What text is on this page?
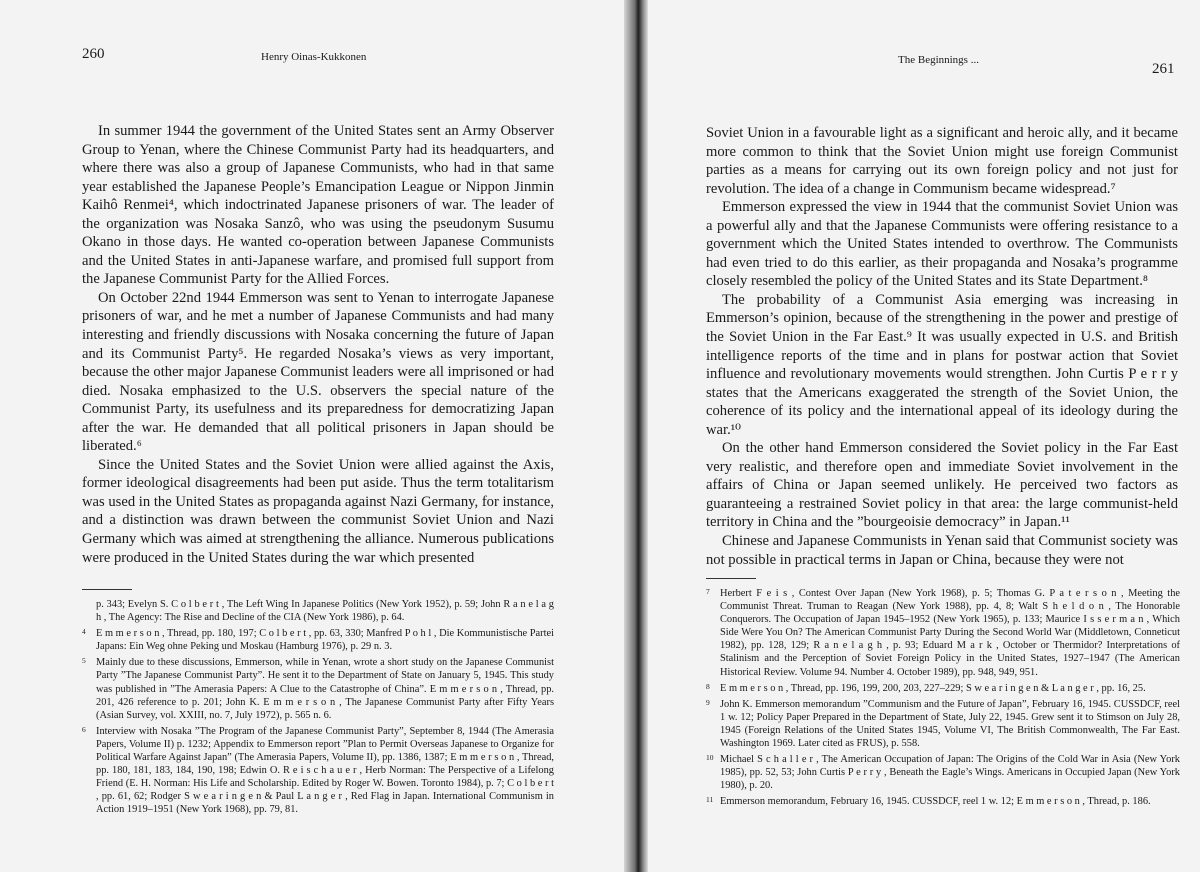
260	Henry Oinas-Kukkonen

In summer 1944 the government of the United States sent an Army Observer Group to Yenan, where the Chinese Communist Party had its headquarters, and where there was also a group of Japanese Communists, who had in that same year established the Japanese People’s Emancipation League or Nippon Jinmin Kaihô Renmei⁴, which indoctrinated Japanese prisoners of war. The leader of the organization was Nosaka Sanzô, who was using the pseudonym Susumu Okano in those days. He wanted co-operation between Japanese Communists and the United States in anti-Japanese warfare, and promised full support from the Japanese Communist Party for the Allied Forces.

On October 22nd 1944 Emmerson was sent to Yenan to interrogate Japanese prisoners of war, and he met a number of Japanese Communists and had many interesting and friendly discussions with Nosaka concerning the future of Japan and its Communist Party⁵. He regarded Nosaka’s views as very important, because the other major Japanese Communist leaders were all imprisoned or had died. Nosaka emphasized to the U.S. observers the special nature of the Communist Party, its usefulness and its preparedness for democratizing Japan after the war. He demanded that all political prisoners in Japan should be liberated.⁶

Since the United States and the Soviet Union were allied against the Axis, former ideological disagreements had been put aside. Thus the term totalitarism was used in the United States as propaganda against Nazi Germany, for instance, and a distinction was drawn between the communist Soviet Union and Nazi Germany which was aimed at strengthening the alliance. Numerous publications were produced in the United States during the war which presented

p. 343; Evelyn S. C o l b e r t , The Left Wing In Japanese Politics (New York 1952), p. 59; John R a n e l a g h , The Agency: The Rise and Decline of the CIA (New York 1986), p. 64.
4 E m m e r s o n , Thread, pp. 180, 197; C o l b e r t , pp. 63, 330; Manfred P o h l , Die Kommunistische Partei Japans: Ein Weg ohne Peking und Moskau (Hamburg 1976), p. 29 n. 3.
5 Mainly due to these discussions, Emmerson, while in Yenan, wrote a short study on the Japanese Communist Party ”The Japanese Communist Party”. He sent it to the Department of State on January 5, 1945. This study was published in ”The Amerasia Papers: A Clue to the Catastrophe of China”. E m m e r s o n , Thread, pp. 201, 426 reference to p. 201; John K. E m m e r s o n , The Japanese Communist Party after Fifty Years (Asian Survey, vol. XXIII, no. 7, July 1972), p. 565 n. 6.
6 Interview with Nosaka ”The Program of the Japanese Communist Party”, September 8, 1944 (The Amerasia Papers, Volume II) p. 1232; Appendix to Emmerson report ”Plan to Permit Overseas Japanese to Organize for Political Warfare Against Japan” (The Amerasia Papers, Volume II), pp. 1386, 1387; E m m e r s o n , Thread, pp. 180, 181, 183, 184, 190, 198; Edwin O. R e i s c h a u e r , Herb Norman: The Perspective of a Lifelong Friend (E. H. Norman: His Life and Scholarship. Edited by Roger W. Bowen. Toronto 1984), p. 7; C o l b e r t , pp. 61, 62; Rodger S w e a r i n g e n & Paul L a n g e r , Red Flag in Japan. International Communism in Action 1919–1951 (New York 1968), pp. 79, 81.
The Beginnings ...
261

Soviet Union in a favourable light as a significant and heroic ally, and it became more common to think that the Soviet Union might use foreign Communist parties as a means for carrying out its own foreign policy and not just for revolution. The idea of a change in Communism became widespread.⁷

Emmerson expressed the view in 1944 that the communist Soviet Union was a powerful ally and that the Japanese Communists were offering resistance to a government which the United States intended to overthrow. The Communists had even tried to do this earlier, as their propaganda and Nosaka’s programme closely resembled the policy of the United States and its State Department.⁸

The probability of a Communist Asia emerging was increasing in Emmerson’s opinion, because of the strengthening in the power and prestige of the Soviet Union in the Far East.⁹ It was usually expected in U.S. and British intelligence reports of the time and in plans for postwar action that Soviet influence and revolutionary movements would strengthen. John Curtis P e r r y states that the Americans exaggerated the strength of the Soviet Union, the coherence of its policy and the international appeal of its ideology during the war.¹⁰

On the other hand Emmerson considered the Soviet policy in the Far East very realistic, and therefore open and immediate Soviet involvement in the affairs of China or Japan seemed unlikely. He perceived two factors as guaranteeing a restrained Soviet policy in that area: the large communist-held territory in China and the ”bourgeoisie democracy” in Japan.¹¹

Chinese and Japanese Communists in Yenan said that Communist society was not possible in practical terms in Japan or China, because they were not

7 Herbert F e i s , Contest Over Japan (New York 1968), p. 5; Thomas G. P a t e r s o n , Meeting the Communist Threat. Truman to Reagan (New York 1988), pp. 4, 8; Walt S h e l d o n , The Honorable Conquerors. The Occupation of Japan 1945–1952 (New York 1965), p. 133; Maurice I s s e r m a n , Which Side Were You On? The American Communist Party During the Second World War (Middletown, Conneticut 1982), pp. 128, 129; R a n e l a g h , p. 93; Eduard M a r k , October or Thermidor? Interpretations of Stalinism and the Perception of Soviet Foreign Policy in the United States, 1927–1947 (The American Historical Review. Volume 94. Number 4. October 1989), pp. 948, 949, 951.
8 E m m e r s o n , Thread, pp. 196, 199, 200, 203, 227–229; S w e a r i n g e n & L a n g e r , pp. 16, 25.
9 John K. Emmerson memorandum ”Communism and the Future of Japan”, February 16, 1945. CUSSDCF, reel 1 w. 12; Policy Paper Prepared in the Department of State, July 22, 1945. Grew sent it to Stimson on July 28, 1945 (Foreign Relations of the United States 1945, Volume VI, The British Commonwealth, The Far East. Washington 1969. Later cited as FRUS), p. 558.
10 Michael S c h a l l e r , The American Occupation of Japan: The Origins of the Cold War in Asia (New York 1985), pp. 52, 53; John Curtis P e r r y , Beneath the Eagle’s Wings. Americans in Occupied Japan (New York 1980), p. 20.
11 Emmerson memorandum, February 16, 1945. CUSSDCF, reel 1 w. 12; E m m e r s o n , Thread, p. 186.
